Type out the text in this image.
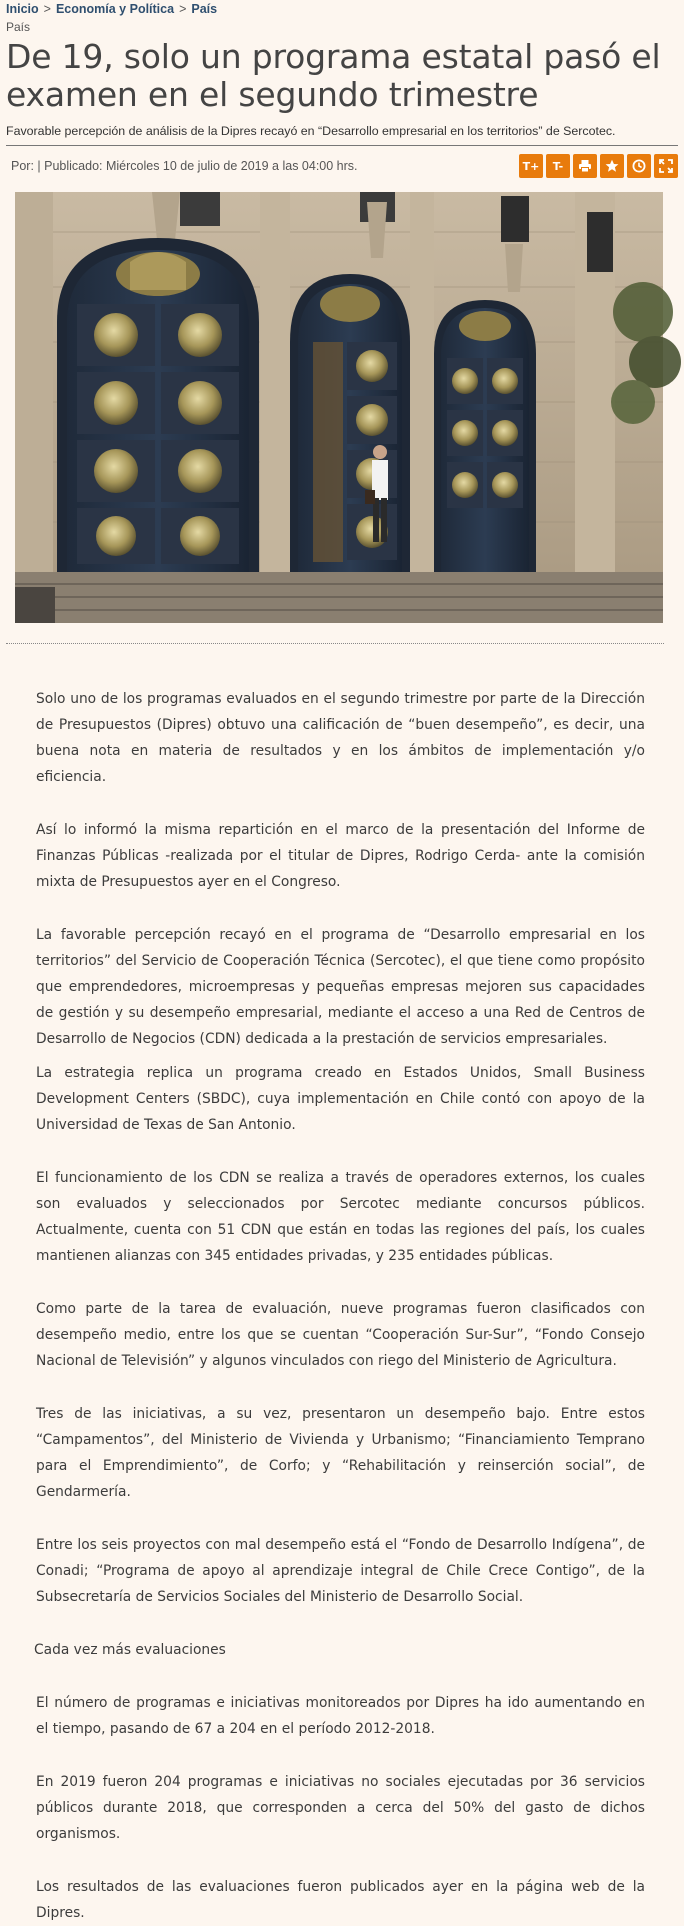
Inicio > Economía y Política > País
País
De 19, solo un programa estatal pasó el examen en el segundo trimestre
Favorable percepción de análisis de la Dipres recayó en “Desarrollo empresarial en los territorios” de Sercotec.
Por: | Publicado: Miércoles 10 de julio de 2019 a las 04:00 hrs.	T+	T-

Solo uno de los programas evaluados en el segundo trimestre por parte de la Dirección de Presupuestos (Dipres) obtuvo una calificación de “buen desempeño”, es decir, una buena nota en materia de resultados y en los ámbitos de implementación y/o eficiencia.

Así lo informó la misma repartición en el marco de la presentación del Informe de Finanzas Públicas -realizada por el titular de Dipres, Rodrigo Cerda- ante la comisión mixta de Presupuestos ayer en el Congreso.

La favorable percepción recayó en el programa de “Desarrollo empresarial en los territorios” del Servicio de Cooperación Técnica (Sercotec), el que tiene como propósito que emprendedores, microempresas y pequeñas empresas mejoren sus capacidades de gestión y su desempeño empresarial, mediante el acceso a una Red de Centros de Desarrollo de Negocios (CDN) dedicada a la prestación de servicios empresariales.

La estrategia replica un programa creado en Estados Unidos, Small Business Development Centers (SBDC), cuya implementación en Chile contó con apoyo de la Universidad de Texas de San Antonio.

El funcionamiento de los CDN se realiza a través de operadores externos, los cuales son evaluados y seleccionados por Sercotec mediante concursos públicos. Actualmente, cuenta con 51 CDN que están en todas las regiones del país, los cuales mantienen alianzas con 345 entidades privadas, y 235 entidades públicas.

Como parte de la tarea de evaluación, nueve programas fueron clasificados con desempeño medio, entre los que se cuentan “Cooperación Sur-Sur”, “Fondo Consejo Nacional de Televisión” y algunos vinculados con riego del Ministerio de Agricultura.

Tres de las iniciativas, a su vez, presentaron un desempeño bajo. Entre estos “Campamentos”, del Ministerio de Vivienda y Urbanismo; “Financiamiento Temprano para el Emprendimiento”, de Corfo; y “Rehabilitación y reinserción social”, de Gendarmería.

Entre los seis proyectos con mal desempeño está el “Fondo de Desarrollo Indígena”, de Conadi; “Programa de apoyo al aprendizaje integral de Chile Crece Contigo”, de la Subsecretaría de Servicios Sociales del Ministerio de Desarrollo Social.

Cada vez más evaluaciones

El número de programas e iniciativas monitoreados por Dipres ha ido aumentando en el tiempo, pasando de 67 a 204 en el período 2012-2018.

En 2019 fueron 204 programas e iniciativas no sociales ejecutadas por 36 servicios públicos durante 2018, que corresponden a cerca del 50% del gasto de dichos organismos.

Los resultados de las evaluaciones fueron publicados ayer en la página web de la Dipres.
